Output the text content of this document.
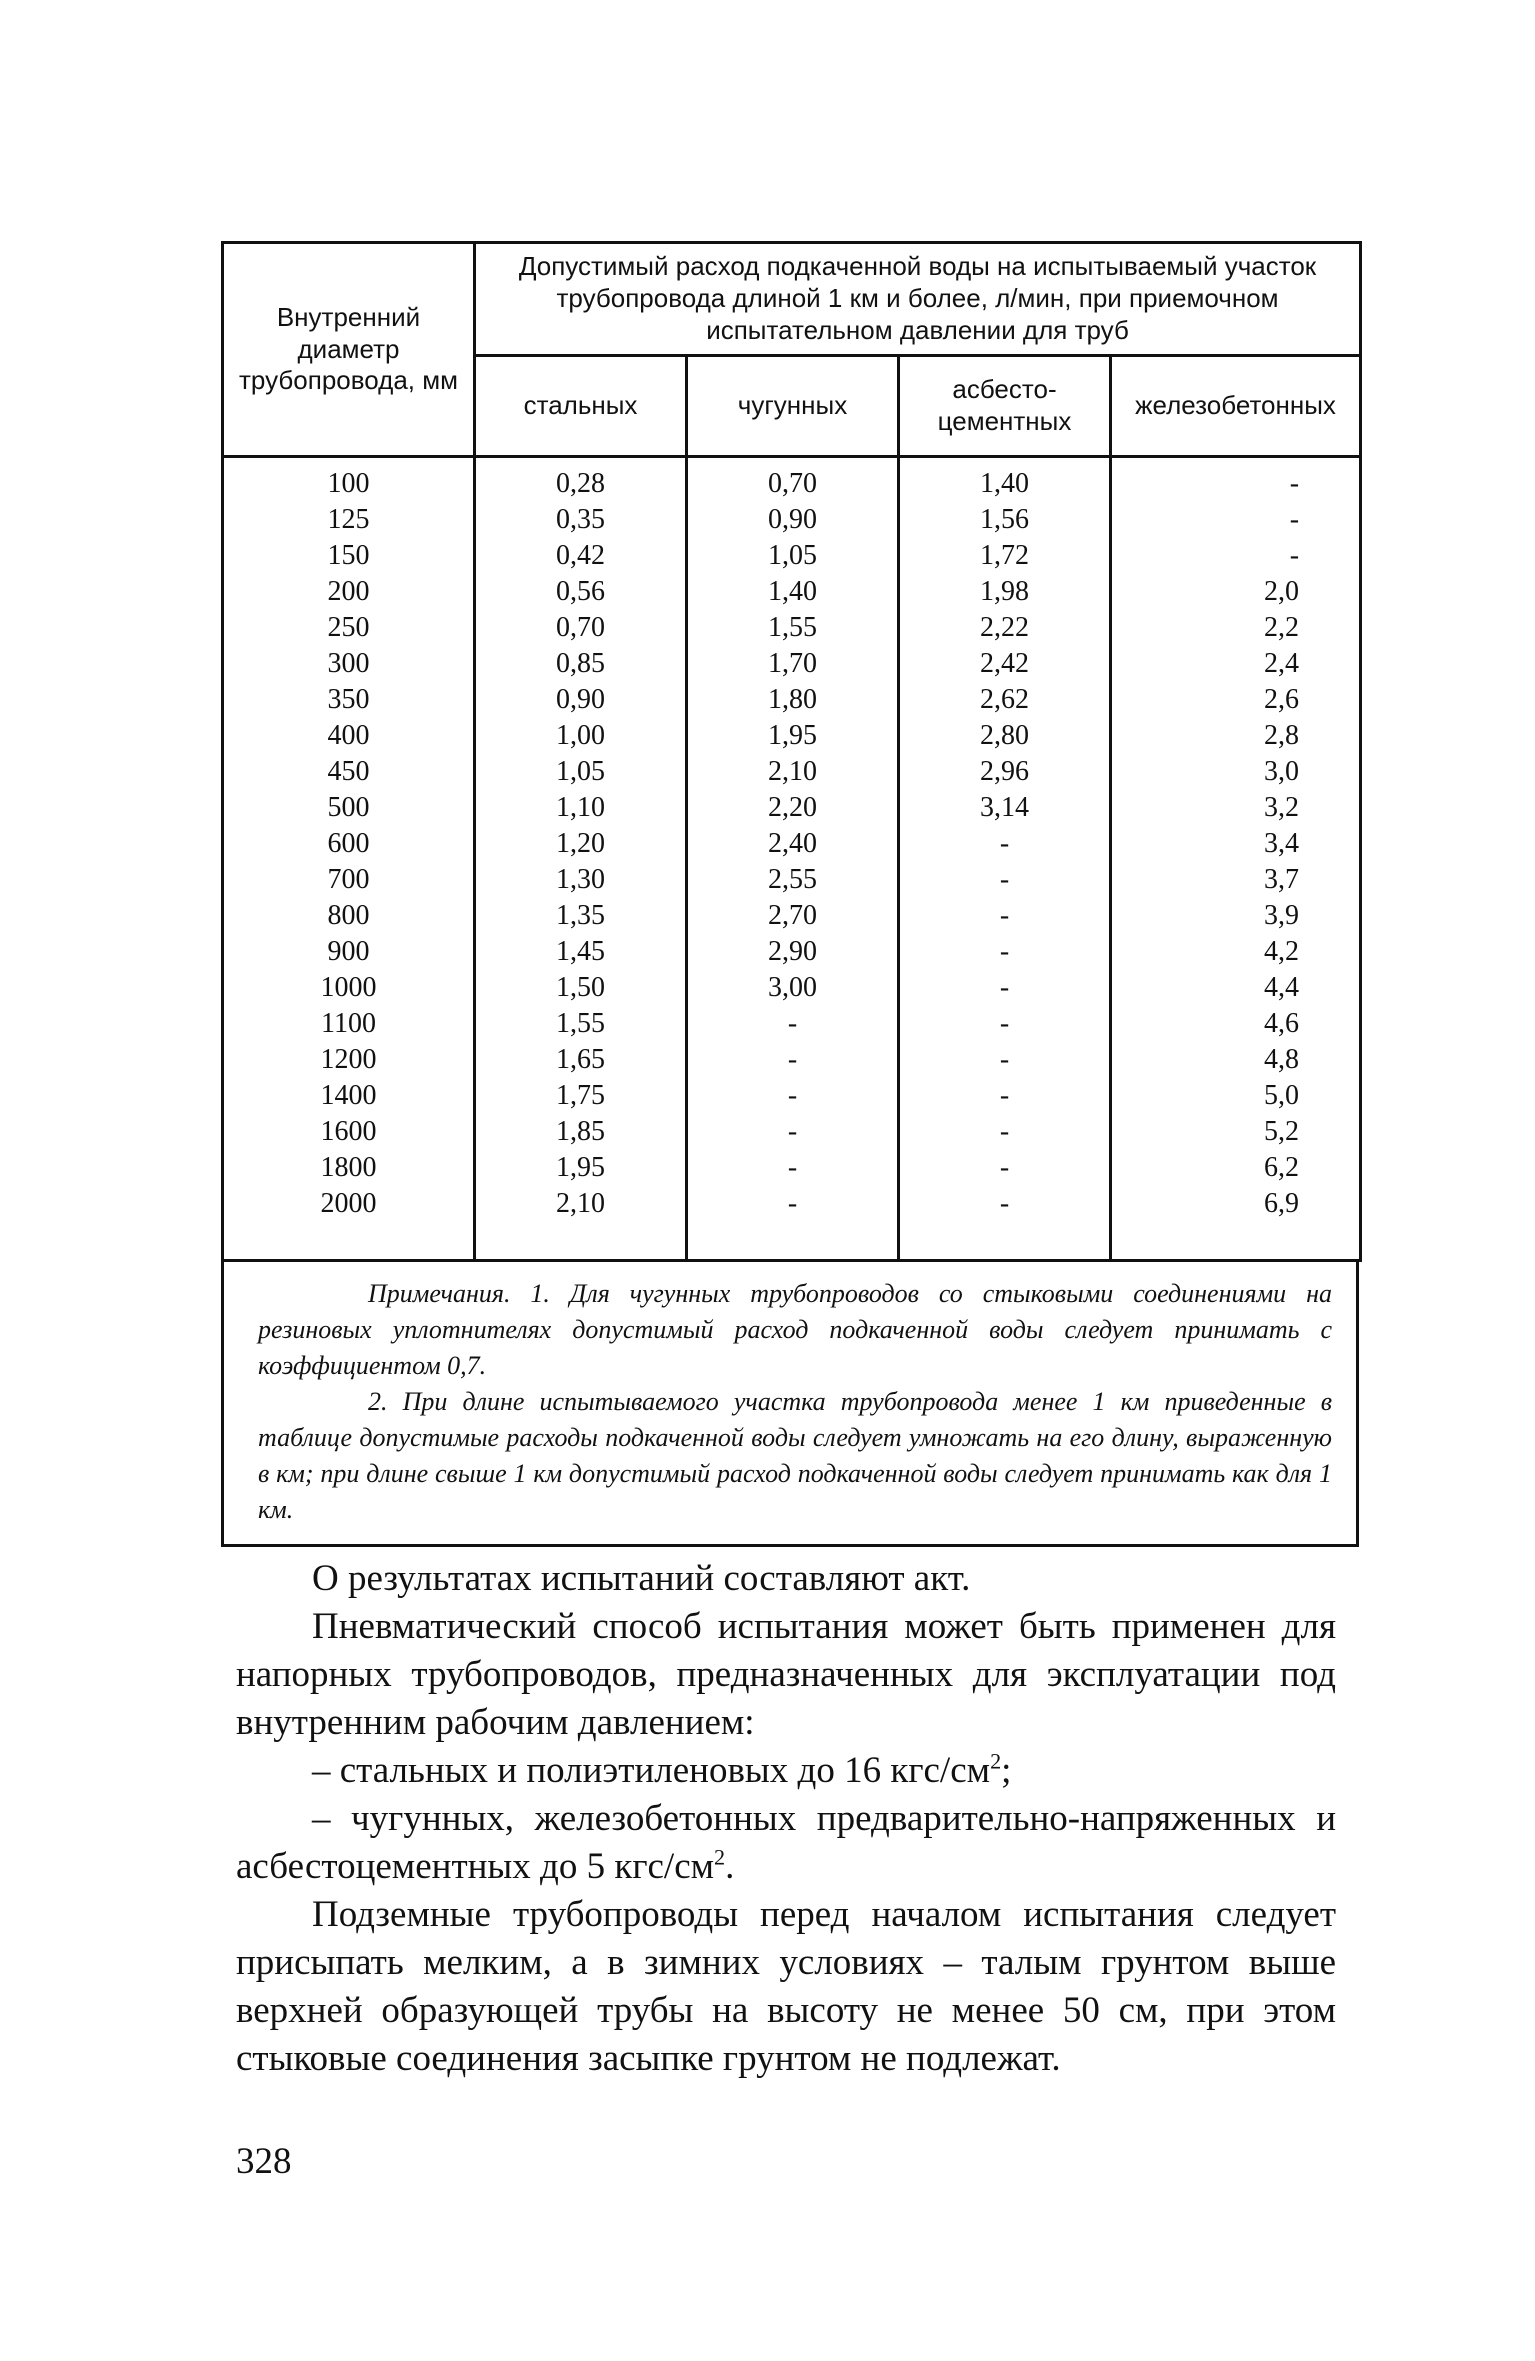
Внутренний диаметр трубопровода, мм	Допустимый расход подкаченной воды на испытываемый участок трубопровода длиной 1 км и более, л/мин, при приемочном испытательном давлении для труб			
	стальных	чугунных	асбесто-цементных	железобетонных
100	0,28	0,70	1,40	-
125	0,35	0,90	1,56	-
150	0,42	1,05	1,72	-
200	0,56	1,40	1,98	2,0
250	0,70	1,55	2,22	2,2
300	0,85	1,70	2,42	2,4
350	0,90	1,80	2,62	2,6
400	1,00	1,95	2,80	2,8
450	1,05	2,10	2,96	3,0
500	1,10	2,20	3,14	3,2
600	1,20	2,40	-	3,4
700	1,30	2,55	-	3,7
800	1,35	2,70	-	3,9
900	1,45	2,90	-	4,2
1000	1,50	3,00	-	4,4
1100	1,55	-	-	4,6
1200	1,65	-	-	4,8
1400	1,75	-	-	5,0
1600	1,85	-	-	5,2
1800	1,95	-	-	6,2
2000	2,10	-	-	6,9

Примечания. 1. Для чугунных трубопроводов со стыковыми соединениями на резиновых уплотнителях допустимый расход подкаченной воды следует принимать с коэффициентом 0,7.

2. При длине испытываемого участка трубопровода менее 1 км приведенные в таблице допустимые расходы подкаченной воды следует умножать на его длину, выраженную в км; при длине свыше 1 км допустимый расход подкаченной воды следует принимать как для 1 км.

О результатах испытаний составляют акт.

Пневматический способ испытания может быть применен для напорных трубопроводов, предназначенных для эксплуатации под внутренним рабочим давлением:

– стальных и полиэтиленовых до 16 кгс/$см^2$;

– чугунных, железобетонных предварительно-напряженных и асбестоцементных до 5 кгс/$см^2$.

Подземные трубопроводы перед началом испытания следует присыпать мелким, а в зимних условиях – талым грунтом выше верхней образующей трубы на высоту не менее 50 см, при этом стыковые соединения засыпке грунтом не подлежат.

328
